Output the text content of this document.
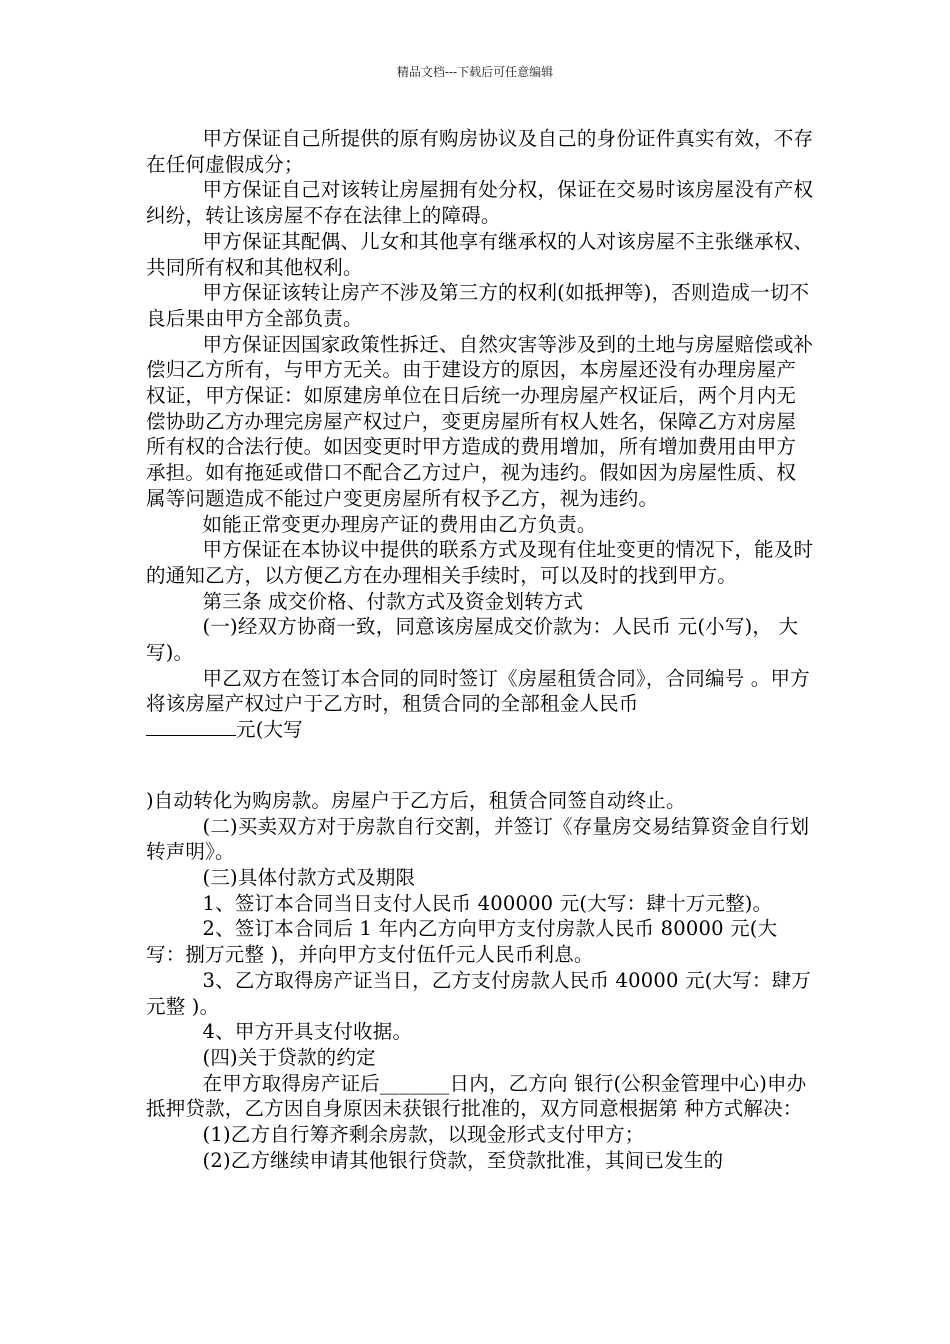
精品文档---下载后可任意编辑

甲方保证自己所提供的原有购房协议及自己的身份证件真实有效，不存在任何虚假成分；

甲方保证自己对该转让房屋拥有处分权，保证在交易时该房屋没有产权纠纷，转让该房屋不存在法律上的障碍。

甲方保证其配偶、儿女和其他享有继承权的人对该房屋不主张继承权、共同所有权和其他权利。

甲方保证该转让房产不涉及第三方的权利(如抵押等)，否则造成一切不良后果由甲方全部负责。

甲方保证因国家政策性拆迁、自然灾害等涉及到的土地与房屋赔偿或补偿归乙方所有，与甲方无关。由于建设方的原因，本房屋还没有办理房屋产权证，甲方保证：如原建房单位在日后统一办理房屋产权证后，两个月内无偿协助乙方办理完房屋产权过户，变更房屋所有权人姓名，保障乙方对房屋所有权的合法行使。如因变更时甲方造成的费用增加，所有增加费用由甲方承担。如有拖延或借口不配合乙方过户，视为违约。假如因为房屋性质、权属等问题造成不能过户变更房屋所有权予乙方，视为违约。

如能正常变更办理房产证的费用由乙方负责。

甲方保证在本协议中提供的联系方式及现有住址变更的情况下，能及时的通知乙方，以方便乙方在办理相关手续时，可以及时的找到甲方。

第三条 成交价格、付款方式及资金划转方式

(一)经双方协商一致，同意该房屋成交价款为：人民币 元(小写)， 大写)。

甲乙双方在签订本合同的同时签订《房屋租赁合同》，合同编号 。甲方将该房屋产权过户于乙方时，租赁合同的全部租金人民币

元(大写

)自动转化为购房款。房屋户于乙方后，租赁合同签自动终止。

(二)买卖双方对于房款自行交割，并签订《存量房交易结算资金自行划转声明》。

(三)具体付款方式及期限

1、签订本合同当日支付人民币 400000 元(大写：肆十万元整)。

2、签订本合同后 1 年内乙方向甲方支付房款人民币 80000 元(大写：捌万元整 )，并向甲方支付伍仟元人民币利息。

3、乙方取得房产证当日，乙方支付房款人民币 40000 元(大写：肆万元整 )。

4、甲方开具支付收据。

(四)关于贷款的约定

在甲方取得房产证后_______日内，乙方向 银行(公积金管理中心)申办抵押贷款，乙方因自身原因未获银行批准的，双方同意根据第 种方式解决：

(1)乙方自行筹齐剩余房款，以现金形式支付甲方；

(2)乙方继续申请其他银行贷款，至贷款批准，其间已发生的
